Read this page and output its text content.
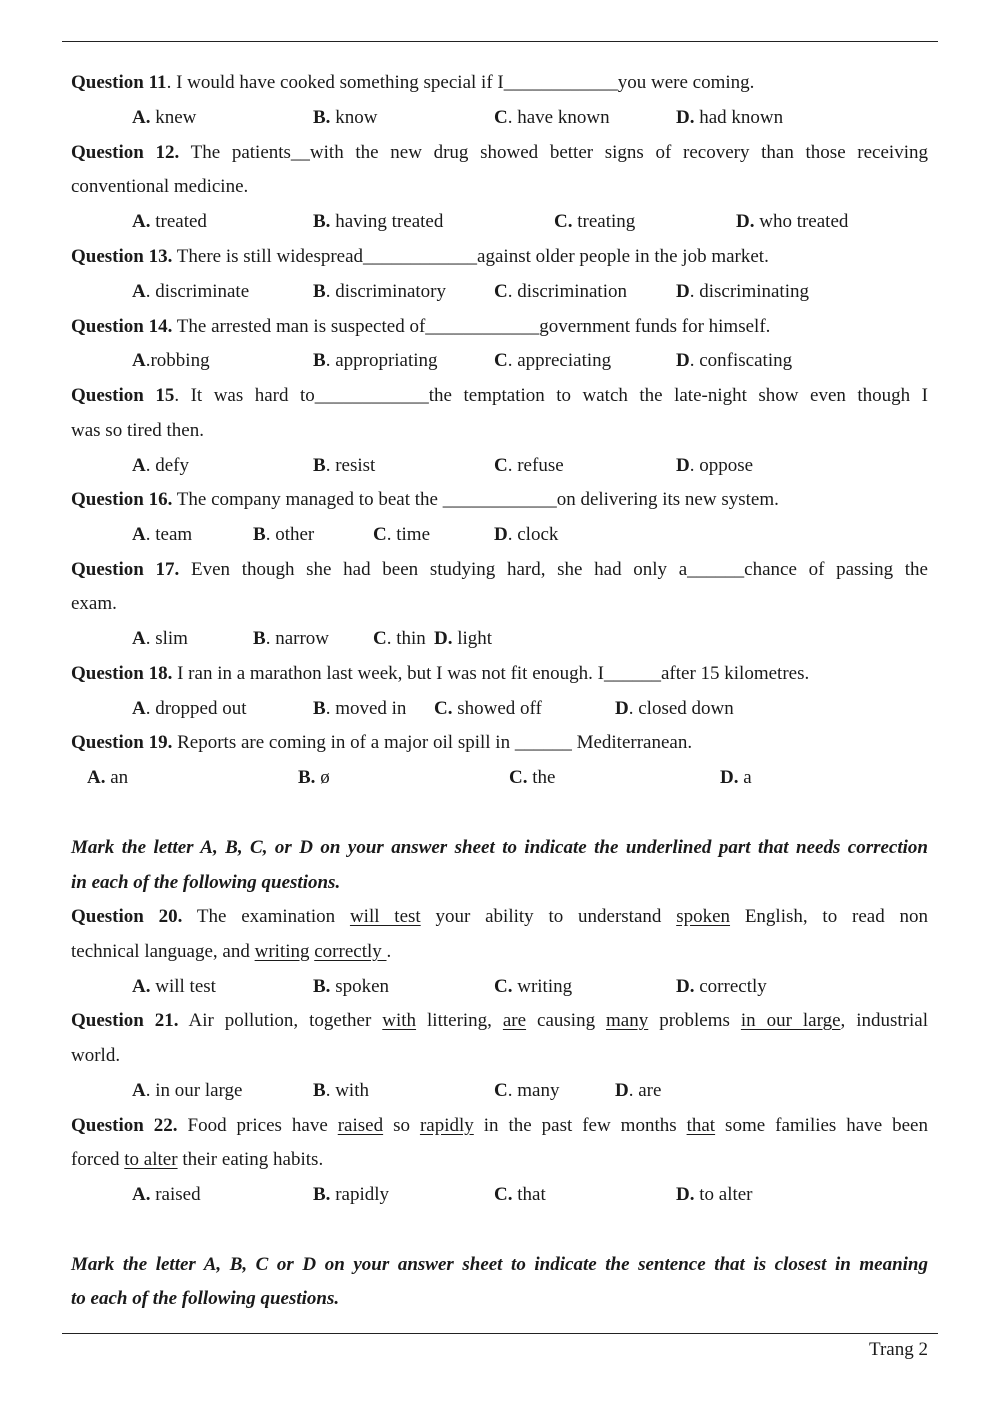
Question 11. I would have cooked something special if I____________you were coming.
A. knew	B. know	C. have known	D. had known
Question 12. The patients__with the new drug showed better signs of recovery than those receiving
conventional medicine.
A. treated	B. having treated	C. treating	D. who treated
Question 13. There is still widespread____________against older people in the job market.
A. discriminate	B. discriminatory	C. discrimination	D. discriminating
Question 14. The arrested man is suspected of____________government funds for himself.
A.robbing	B. appropriating	C. appreciating	D. confiscating
Question 15. It was hard to____________the temptation to watch the late-night show even though I
was so tired then.
A. defy	B. resist	C. refuse	D. oppose
Question 16. The company managed to beat the ____________on delivering its new system.
A. team	B. other	C. time	D. clock
Question 17. Even though she had been studying hard, she had only a______chance of passing the
exam.
A. slim	B. narrow C. thin D. light
Question 18. I ran in a marathon last week, but I was not fit enough. I______after 15 kilometres.
A. dropped out	B. moved in C. showed off	D. closed down
Question 19. Reports are coming in of a major oil spill in ______ Mediterranean.
A. an	B. ø	C. the	D. a
Mark the letter A, B, C, or D on your answer sheet to indicate the underlined part that needs correction
in each of the following questions.
Question 20. The examination will test your ability to understand spoken English, to read non
technical language, and writing correctly .
A. will test	B. spoken	C. writing	D. correctly
Question 21. Air pollution, together with littering, are causing many problems in our large, industrial
world.
A. in our large	B. with	C. many	D. are
Question 22. Food prices have raised so rapidly in the past few months that some families have been
forced to alter their eating habits.
A. raised	B. rapidly	C. that	D. to alter
Mark the letter A, B, C or D on your answer sheet to indicate the sentence that is closest in meaning
to each of the following questions.
Trang 2
